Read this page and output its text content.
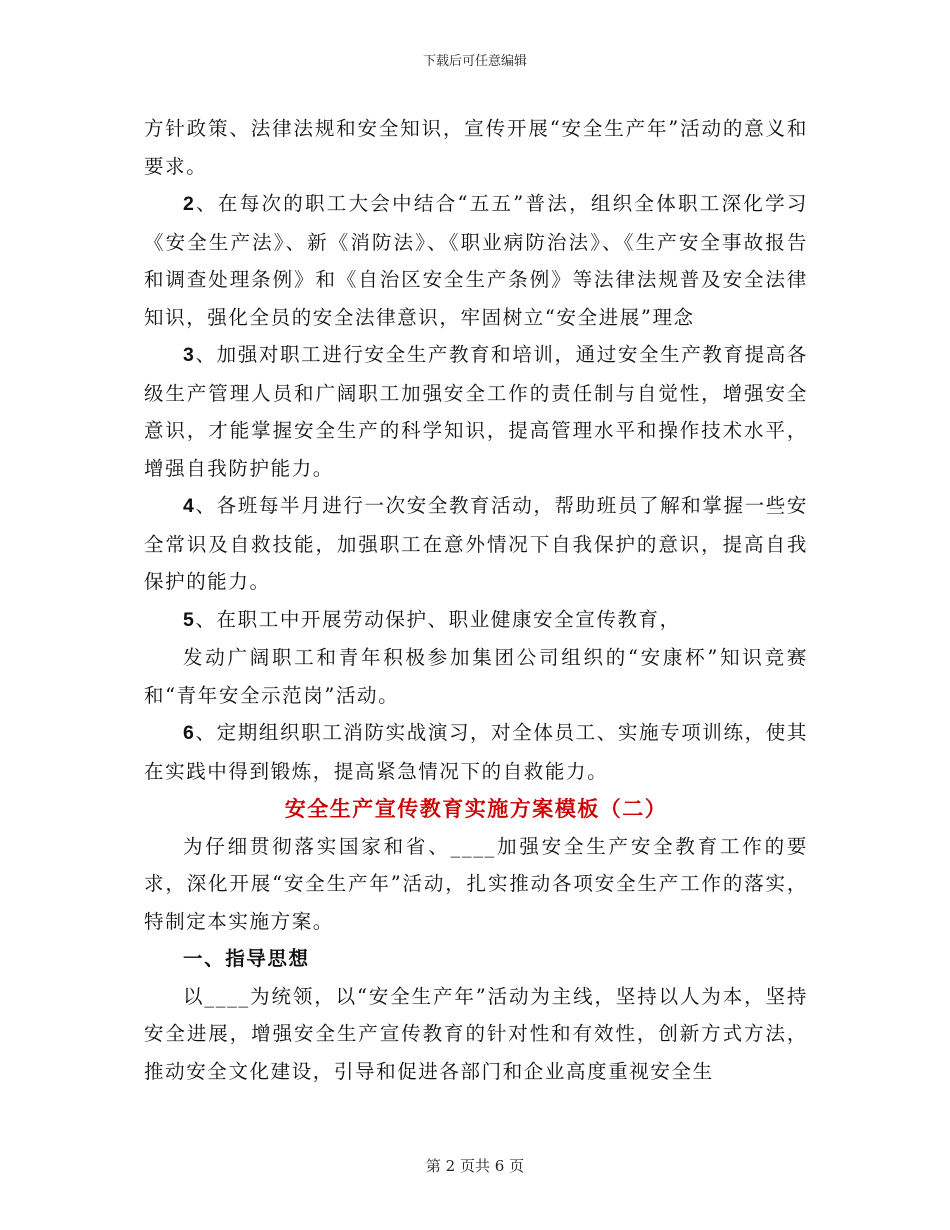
下载后可任意编辑

方针政策、法律法规和安全知识，宣传开展“安全生产年”活动的意义和要求。

2、在每次的职工大会中结合“五五”普法，组织全体职工深化学习《安全生产法》、新《消防法》、《职业病防治法》、《生产安全事故报告和调查处理条例》和《自治区安全生产条例》等法律法规普及安全法律知识，强化全员的安全法律意识，牢固树立“安全进展”理念

3、加强对职工进行安全生产教育和培训，通过安全生产教育提高各级生产管理人员和广阔职工加强安全工作的责任制与自觉性，增强安全意识，才能掌握安全生产的科学知识，提高管理水平和操作技术水平，增强自我防护能力。

4、各班每半月进行一次安全教育活动，帮助班员了解和掌握一些安全常识及自救技能，加强职工在意外情况下自我保护的意识，提高自我保护的能力。

5、在职工中开展劳动保护、职业健康安全宣传教育，

发动广阔职工和青年积极参加集团公司组织的“安康杯”知识竞赛和“青年安全示范岗”活动。

6、定期组织职工消防实战演习，对全体员工、实施专项训练，使其在实践中得到锻炼，提高紧急情况下的自救能力。

安全生产宣传教育实施方案模板（二）

为仔细贯彻落实国家和省、____加强安全生产安全教育工作的要求，深化开展“安全生产年”活动，扎实推动各项安全生产工作的落实，特制定本实施方案。

一、指导思想

以____为统领，以“安全生产年”活动为主线，坚持以人为本，坚持安全进展，增强安全生产宣传教育的针对性和有效性，创新方式方法，推动安全文化建设，引导和促进各部门和企业高度重视安全生

第 2 页共 6 页
